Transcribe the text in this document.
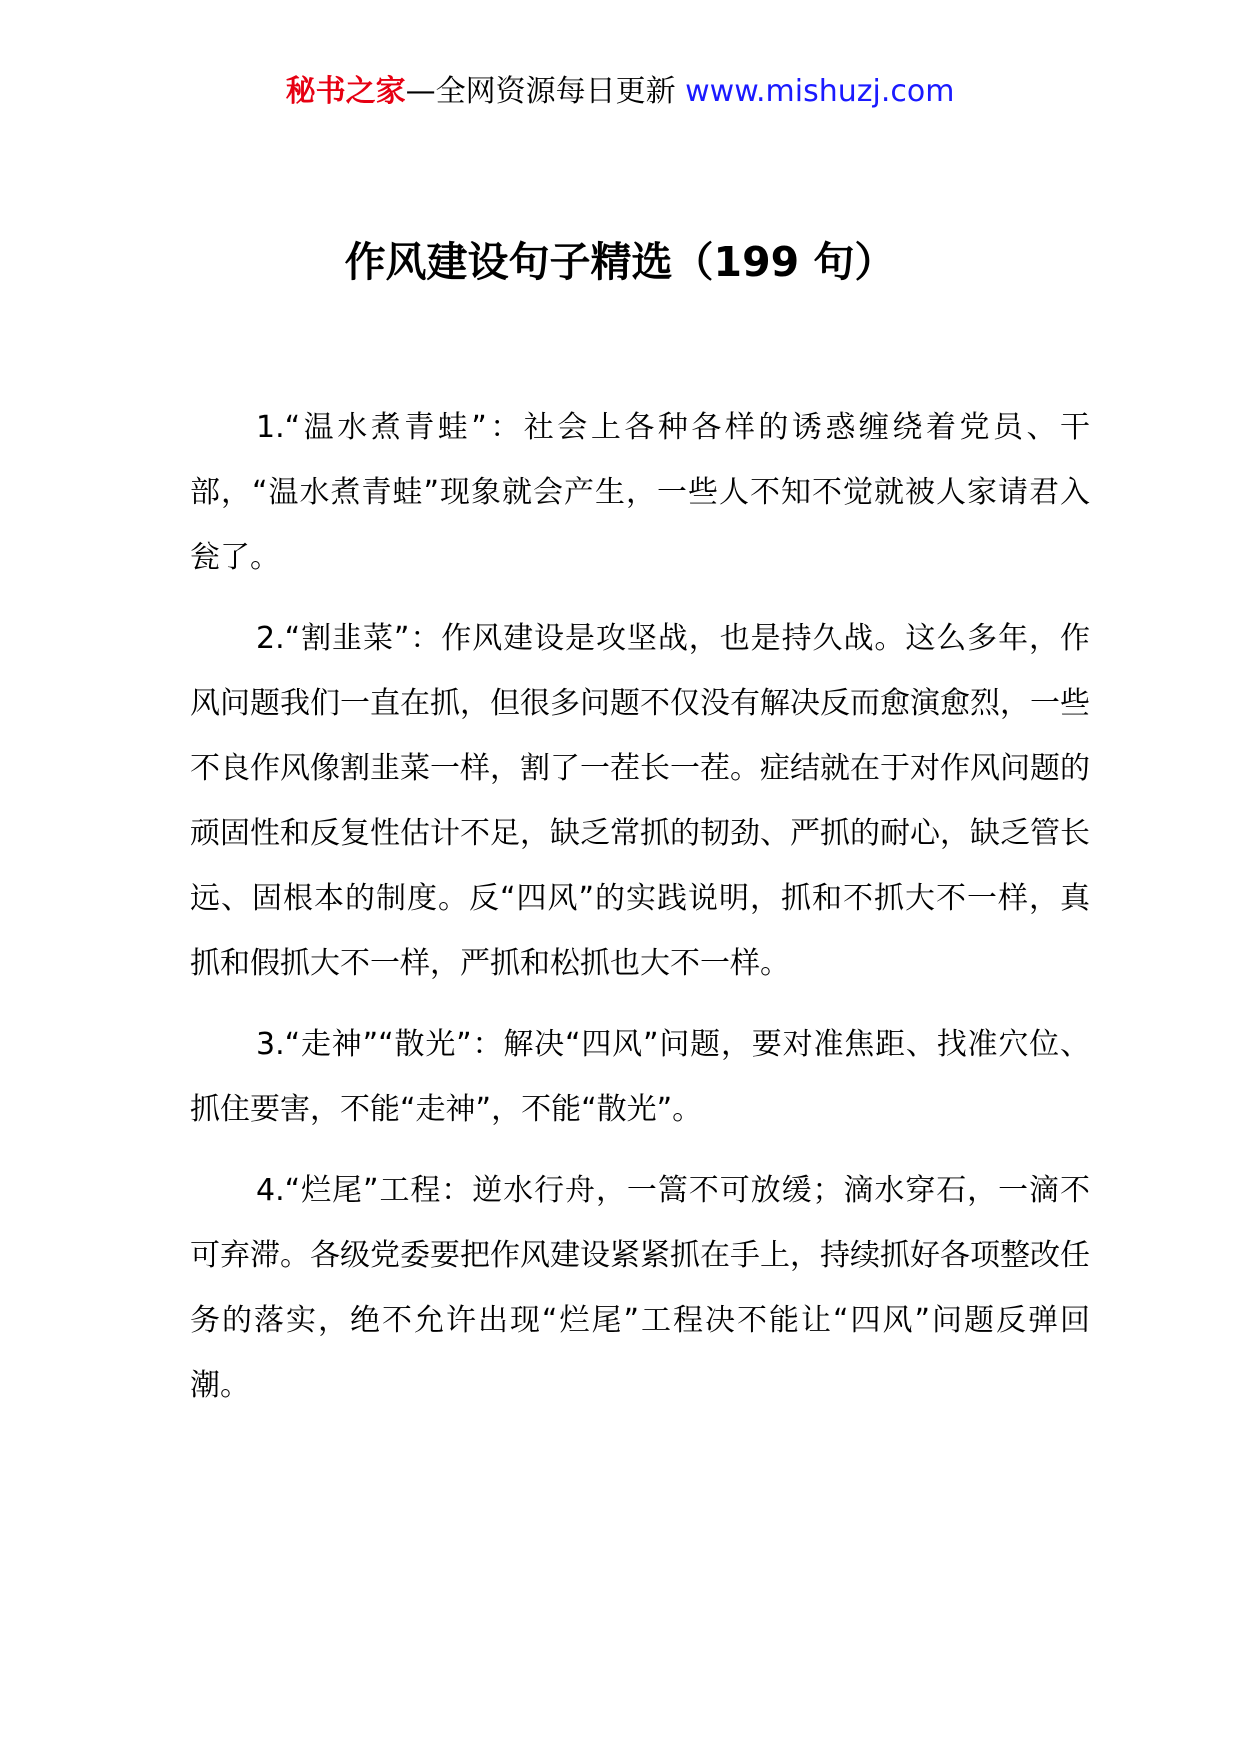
秘书之家—全网资源每日更新 www.mishuzj.com
作风建设句子精选（199 句）

1.“温水煮青蛙”：社会上各种各样的诱惑缠绕着党员、干部，“温水煮青蛙”现象就会产生，一些人不知不觉就被人家请君入瓮了。

2.“割韭菜”：作风建设是攻坚战，也是持久战。这么多年，作风问题我们一直在抓，但很多问题不仅没有解决反而愈演愈烈，一些不良作风像割韭菜一样，割了一茬长一茬。症结就在于对作风问题的顽固性和反复性估计不足，缺乏常抓的韧劲、严抓的耐心，缺乏管长远、固根本的制度。反“四风”的实践说明，抓和不抓大不一样，真抓和假抓大不一样，严抓和松抓也大不一样。

3.“走神”“散光”：解决“四风”问题，要对准焦距、找准穴位、抓住要害，不能“走神”，不能“散光”。

4.“烂尾”工程：逆水行舟，一篙不可放缓；滴水穿石，一滴不可弃滞。各级党委要把作风建设紧紧抓在手上，持续抓好各项整改任务的落实，绝不允许出现“烂尾”工程决不能让“四风”问题反弹回潮。
